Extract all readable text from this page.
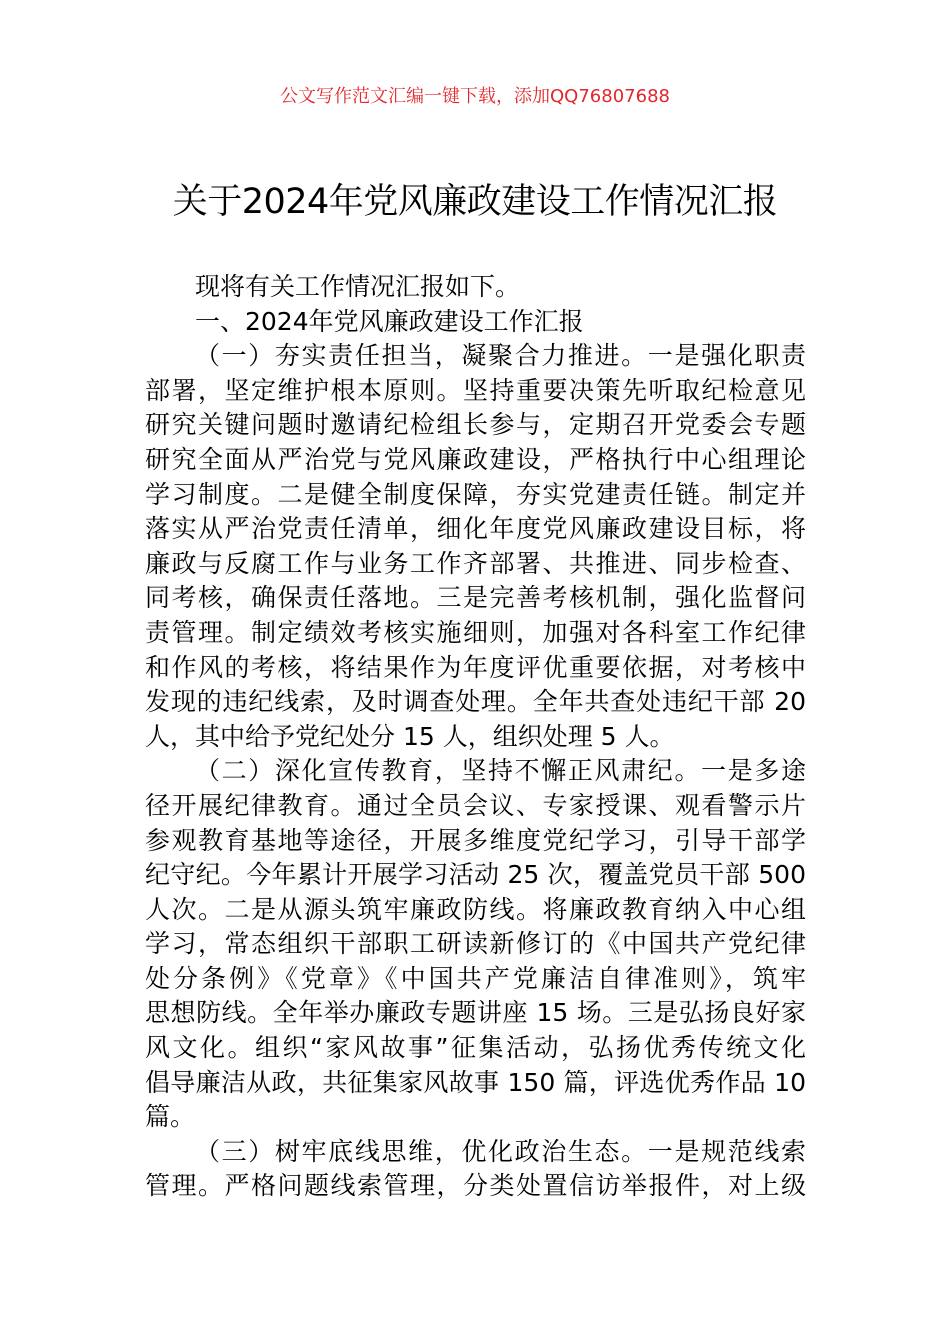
公文写作范文汇编一键下载，添加QQ76807688
关于2024年党风廉政建设工作情况汇报
现将有关工作情况汇报如下。
一、2024年党风廉政建设工作汇报
（一）夯实责任担当，凝聚合力推进。一是强化职责
部署，坚定维护根本原则。坚持重要决策先听取纪检意见
研究关键问题时邀请纪检组长参与，定期召开党委会专题
研究全面从严治党与党风廉政建设，严格执行中心组理论
学习制度。二是健全制度保障，夯实党建责任链。制定并
落实从严治党责任清单，细化年度党风廉政建设目标，将
廉政与反腐工作与业务工作齐部署、共推进、同步检查、
同考核，确保责任落地。三是完善考核机制，强化监督问
责管理。制定绩效考核实施细则，加强对各科室工作纪律
和作风的考核，将结果作为年度评优重要依据，对考核中
发现的违纪线索，及时调查处理。全年共查处违纪干部 20
人，其中给予党纪处分 15 人，组织处理 5 人。
（二）深化宣传教育，坚持不懈正风肃纪。一是多途
径开展纪律教育。通过全员会议、专家授课、观看警示片
参观教育基地等途径，开展多维度党纪学习，引导干部学
纪守纪。今年累计开展学习活动 25 次，覆盖党员干部 500
人次。二是从源头筑牢廉政防线。将廉政教育纳入中心组
学习，常态组织干部职工研读新修订的《中国共产党纪律
处分条例》《党章》《中国共产党廉洁自律准则》，筑牢
思想防线。全年举办廉政专题讲座 15 场。三是弘扬良好家
风文化。组织“家风故事”征集活动，弘扬优秀传统文化
倡导廉洁从政，共征集家风故事 150 篇，评选优秀作品 10
篇。
（三）树牢底线思维，优化政治生态。一是规范线索
管理。严格问题线索管理，分类处置信访举报件，对上级
